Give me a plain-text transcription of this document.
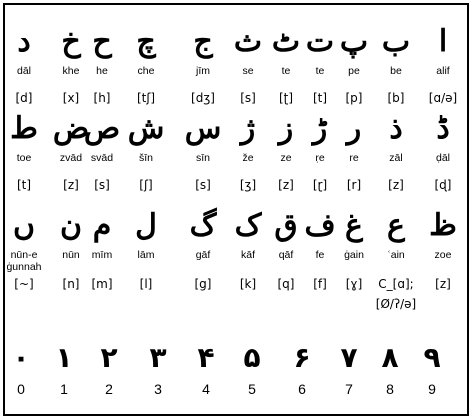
د
dāl
[d]
خ
khe
[x]
ح
he
[h]
چ
che
[tʃ]
ج
jīm
[dʒ]
ث
se
[s]
ٹ
te
[ʈ]
ت
te
[t]
پ
pe
[p]
ب
be
[b]
ا
alif
[ɑ/ə]
ط
toe
[t]
ض
zvād
[z]
ص
svād
[s]
ش
šīn
[ʃ]
س
sīn
[s]
ژ
že
[ʒ]
ز
ze
[z]
ڑ
ṛe
[ɽ]
ر
re
[r]
ذ
zāl
[z]
ڈ
ḍāl
[ɖ]
ں
nūn-e ġunnah
[~]
ن
nūn
[n]
م
mīm
[m]
ل
lām
[l]
گ
gāf
[g]
ک
kāf
[k]
ق
qāf
[q]
ف
fe
[f]
غ
ġain
[ɣ]
ع
ʿain
C_[ɑ];
[Ø/ʔ/ə]
ظ
zoe
[z]
٠
0
١
1
٢
2
٣
3
۴
4
۵
5
۶
6
۷
7
٨
8
٩
9
